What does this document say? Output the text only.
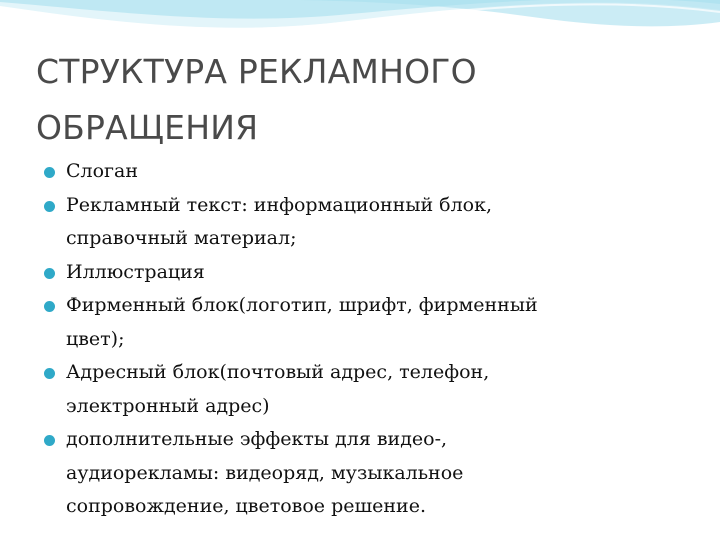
СТРУКТУРА РЕКЛАМНОГО
ОБРАЩЕНИЯ
Слоган
Рекламный текст: информационный блок,
справочный материал;
Иллюстрация
Фирменный блок(логотип, шрифт, фирменный
цвет);
Адресный блок(почтовый адрес, телефон,
электронный адрес)
дополнительные эффекты для видео-,
аудиорекламы: видеоряд, музыкальное
сопровождение, цветовое решение.
